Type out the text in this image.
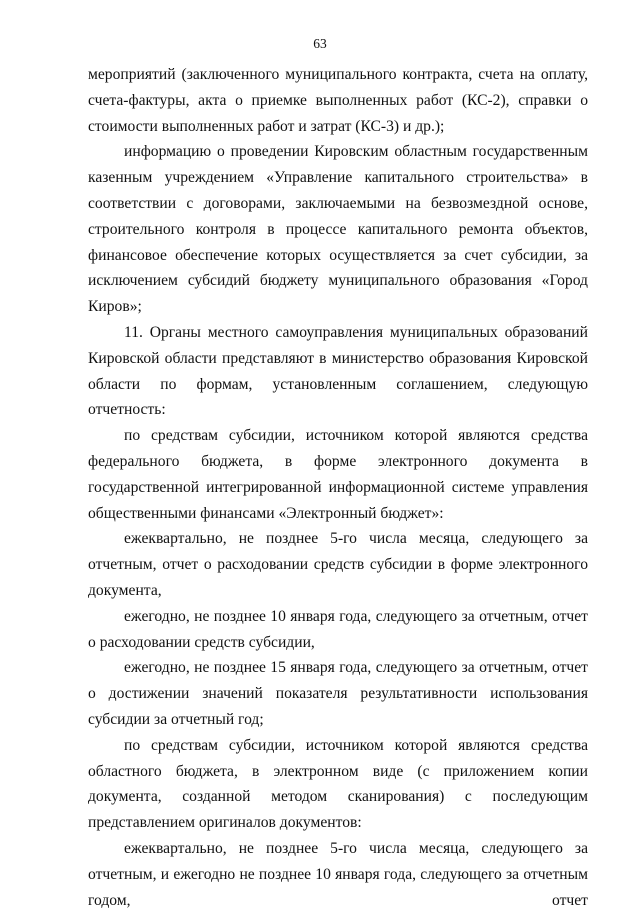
63

мероприятий (заключенного муниципального контракта, счета на оплату, счета-фактуры, акта о приемке выполненных работ (КС-2), справки о стоимости выполненных работ и затрат (КС-3) и др.);

информацию о проведении Кировским областным государственным казенным учреждением «Управление капитального строительства» в соответствии с договорами, заключаемыми на безвозмездной основе, строительного контроля в процессе капитального ремонта объектов, финансовое обеспечение которых осуществляется за счет субсидии, за исключением субсидий бюджету муниципального образования «Город Киров»;

11. Органы местного самоуправления муниципальных образований Кировской области представляют в министерство образования Кировской области по формам, установленным соглашением, следующую отчетность:

по средствам субсидии, источником которой являются средства федерального бюджета, в форме электронного документа в государственной интегрированной информационной системе управления общественными финансами «Электронный бюджет»:

ежеквартально, не позднее 5-го числа месяца, следующего за отчетным, отчет о расходовании средств субсидии в форме электронного документа,

ежегодно, не позднее 10 января года, следующего за отчетным, отчет о расходовании средств субсидии,

ежегодно, не позднее 15 января года, следующего за отчетным, отчет о достижении значений показателя результативности использования субсидии за отчетный год;

по средствам субсидии, источником которой являются средства областного бюджета, в электронном виде (с приложением копии документа, созданной методом сканирования) с последующим представлением оригиналов документов:

ежеквартально, не позднее 5-го числа месяца, следующего за отчетным, и ежегодно не позднее 10 января года, следующего за отчетным годом, отчет
